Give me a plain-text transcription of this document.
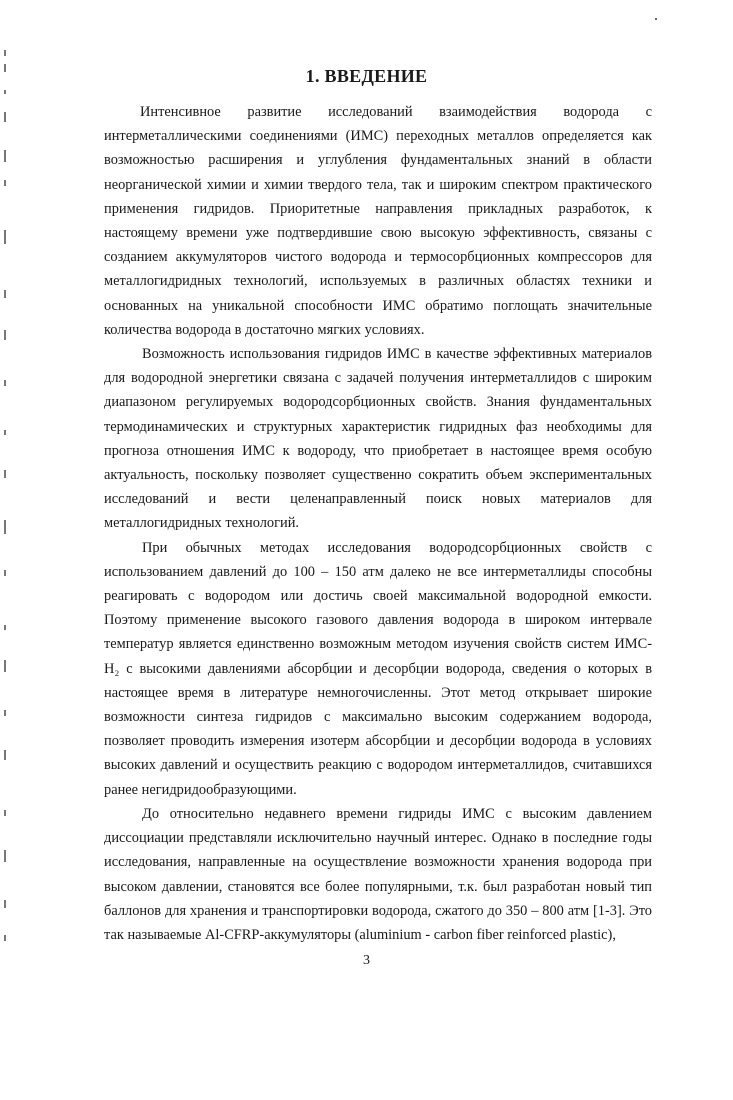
1. ВВЕДЕНИЕ

Интенсивное развитие исследований взаимодействия водорода с интерметаллическими соединениями (ИМС) переходных металлов определяется как возможностью расширения и углубления фундаментальных знаний в области неорганической химии и химии твердого тела, так и широким спектром практического применения гидридов. Приоритетные направления прикладных разработок, к настоящему времени уже подтвердившие свою высокую эффективность, связаны с созданием аккумуляторов чистого водорода и термосорбционных компрессоров для металлогидридных технологий, используемых в различных областях техники и основанных на уникальной способности ИМС обратимо поглощать значительные количества водорода в достаточно мягких условиях.

Возможность использования гидридов ИМС в качестве эффективных материалов для водородной энергетики связана с задачей получения интерметаллидов с широким диапазоном регулируемых водородсорбционных свойств. Знания фундаментальных термодинамических и структурных характеристик гидридных фаз необходимы для прогноза отношения ИМС к водороду, что приобретает в настоящее время особую актуальность, поскольку позволяет существенно сократить объем экспериментальных исследований и вести целенаправленный поиск новых материалов для металлогидридных технологий.

При обычных методах исследования водородсорбционных свойств с использованием давлений до 100 – 150 атм далеко не все интерметаллиды способны реагировать с водородом или достичь своей максимальной водородной емкости. Поэтому применение высокого газового давления водорода в широком интервале температур является единственно возможным методом изучения свойств систем ИМС-H₂ с высокими давлениями абсорбции и десорбции водорода, сведения о которых в настоящее время в литературе немногочисленны. Этот метод открывает широкие возможности синтеза гидридов с максимально высоким содержанием водорода, позволяет проводить измерения изотерм абсорбции и десорбции водорода в условиях высоких давлений и осуществить реакцию с водородом интерметаллидов, считавшихся ранее негидридообразующими.

До относительно недавнего времени гидриды ИМС с высоким давлением диссоциации представляли исключительно научный интерес. Однако в последние годы исследования, направленные на осуществление возможности хранения водорода при высоком давлении, становятся все более популярными, т.к. был разработан новый тип баллонов для хранения и транспортировки водорода, сжатого до 350 – 800 атм [1-3]. Это так называемые Al-CFRP-аккумуляторы (aluminium - carbon fiber reinforced plastic),

3
